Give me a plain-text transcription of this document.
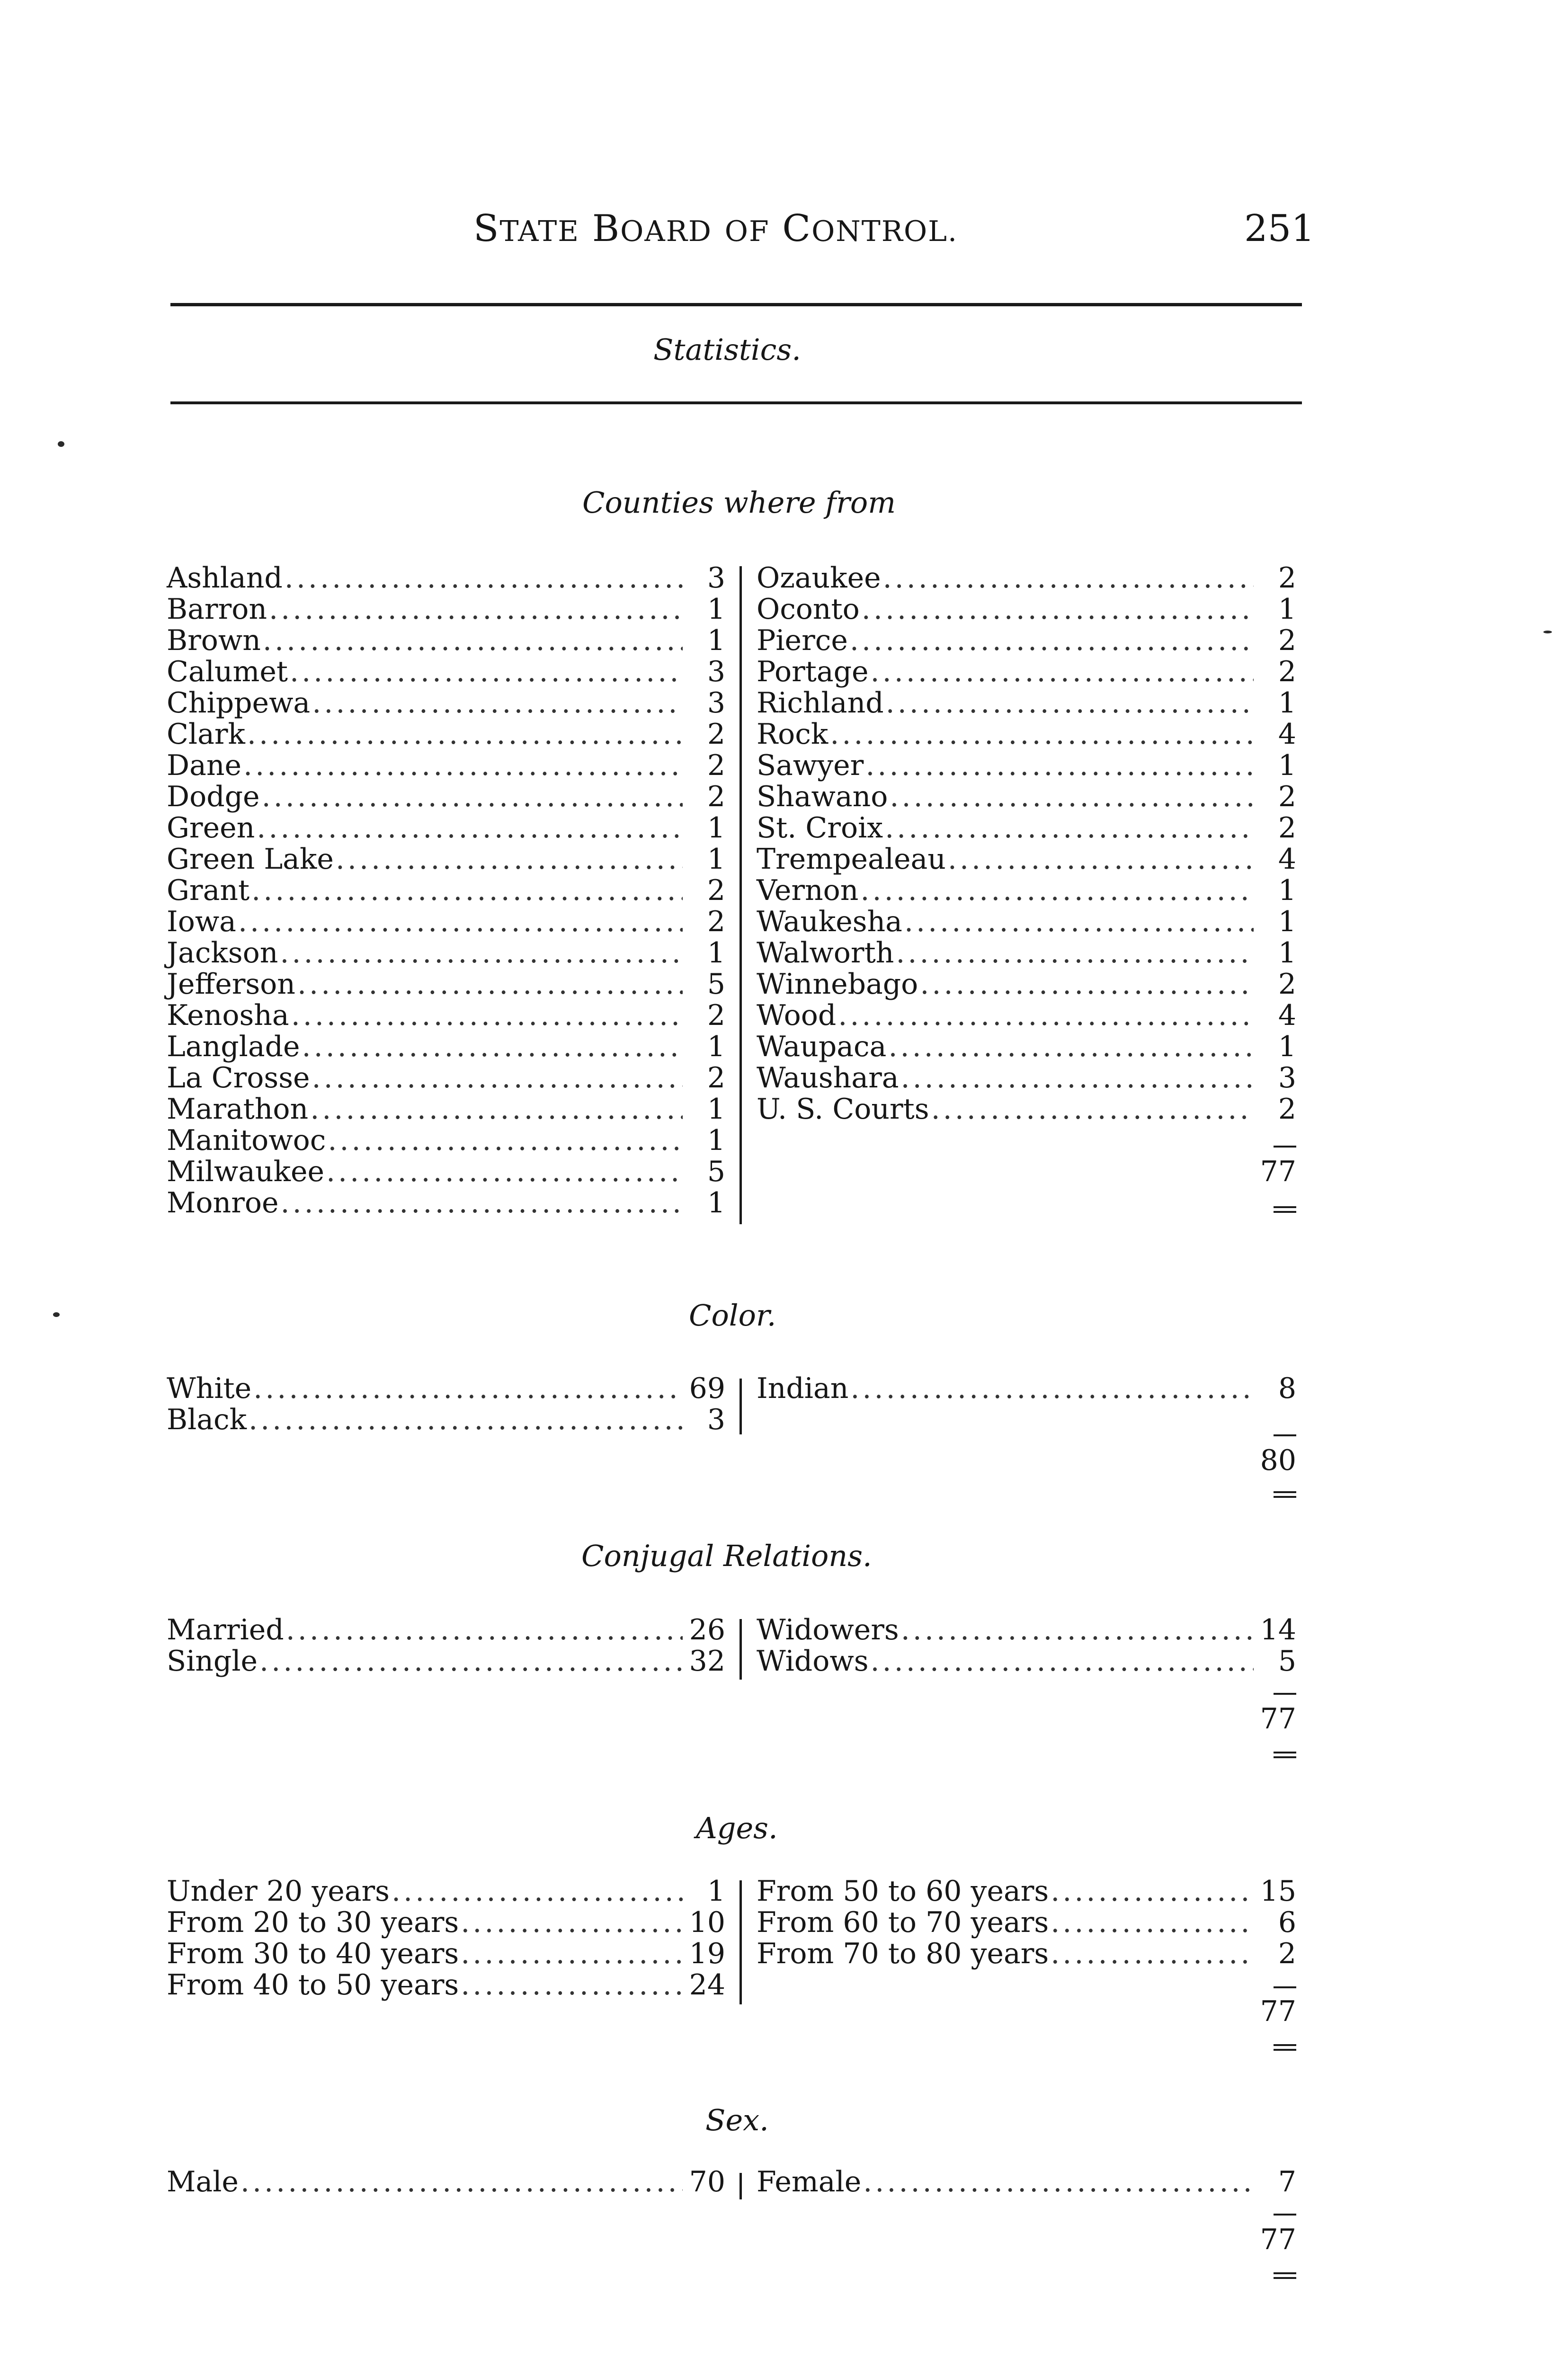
STATE BOARD OF CONTROL.	251
Statistics.
Counties where from
Ashland .....	3
Barron .....	1
Brown .....	1
Calumet .....	3
Chippewa .....	3
Clark .....	2
Dane .....	2
Dodge .....	2
Green .....	1
Green Lake .....	1
Grant .....	2
Iowa .....	2
Jackson .....	1
Jefferson .....	5
Kenosha .....	2
Langlade .....	1
La Crosse .....	2
Marathon .....	1
Manitowoc .....	1
Milwaukee .....	5
Monroe .....	1
Ozaukee .....	2
Oconto .....	1
Pierce .....	2
Portage .....	2
Richland .....	1
Rock .....	4
Sawyer .....	1
Shawano .....	2
St. Croix .....	2
Trempealeau .....	4
Vernon .....	1
Waukesha .....	1
Walworth .....	1
Winnebago .....	2
Wood .....	4
Waupaca .....	1
Waushara .....	3
U. S. Courts .....	2
77
Color.
White .....	69
Black .....	3
Indian .....	8
80
Conjugal Relations.
Married .....	26
Single .....	32
Widowers .....	14
Widows .....	5
77
Ages.
Under 20 years .....	1
From 20 to 30 years .....	10
From 30 to 40 years .....	19
From 40 to 50 years .....	24
From 50 to 60 years .....	15
From 60 to 70 years .....	6
From 70 to 80 years .....	2
77
Sex.
Male .....	70 Female .....	7
77
